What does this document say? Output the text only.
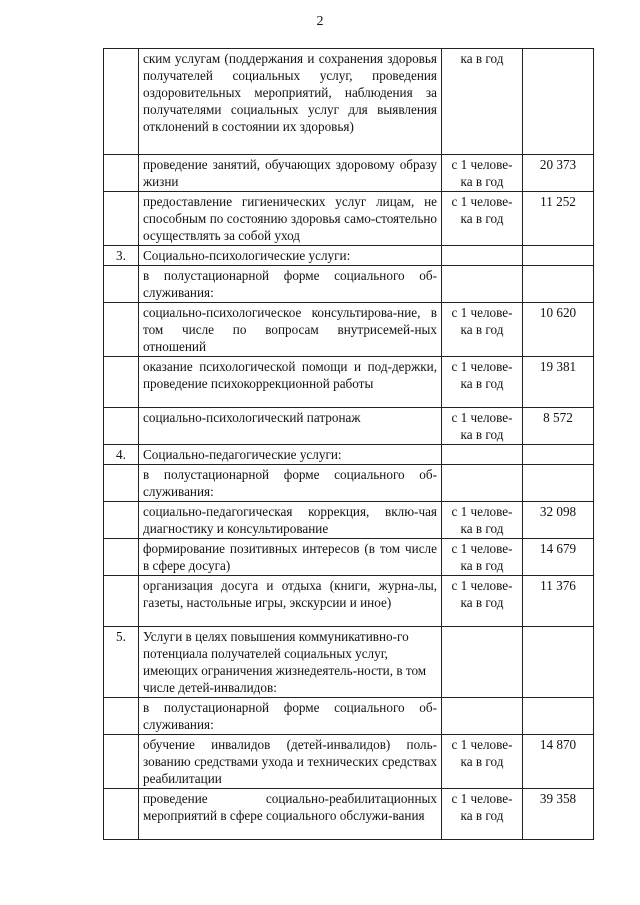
2
	ским услугам (поддержания и сохранения здоровья получателей социальных услуг, проведения оздоровительных мероприятий, наблюдения за получателями социальных услуг для выявления отклонений в состоянии их здоровья)	ка в год	
	проведение занятий, обучающих здоровому образу жизни	с 1 челове-ка в год	20 373
	предоставление гигиенических услуг лицам, не способным по состоянию здоровья само-стоятельно осуществлять за собой уход	с 1 челове-ка в год	11 252
3.	Социально-психологические услуги:		
	в полустационарной форме социального об-служивания:		
	социально-психологическое консультирова-ние, в том числе по вопросам внутрисемей-ных отношений	с 1 челове-ка в год	10 620
	оказание психологической помощи и под-держки, проведение психокоррекционной работы	с 1 челове-ка в год	19 381
	социально-психологический патронаж	с 1 челове-ка в год	8 572
4.	Социально-педагогические услуги:		
	в полустационарной форме социального об-служивания:		
	социально-педагогическая коррекция, вклю-чая диагностику и консультирование	с 1 челове-ка в год	32 098
	формирование позитивных интересов (в том числе в сфере досуга)	с 1 челове-ка в год	14 679
	организация досуга и отдыха (книги, журна-лы, газеты, настольные игры, экскурсии и иное)	с 1 челове-ка в год	11 376
5.	Услуги в целях повышения коммуникативно-го потенциала получателей социальных услуг, имеющих ограничения жизнедеятель-ности, в том числе детей-инвалидов:		
	в полустационарной форме социального об-служивания:		
	обучение инвалидов (детей-инвалидов) поль-зованию средствами ухода и технических средствах реабилитации	с 1 челове-ка в год	14 870
	проведение социально-реабилитационных мероприятий в сфере социального обслужи-вания	с 1 челове-ка в год	39 358
